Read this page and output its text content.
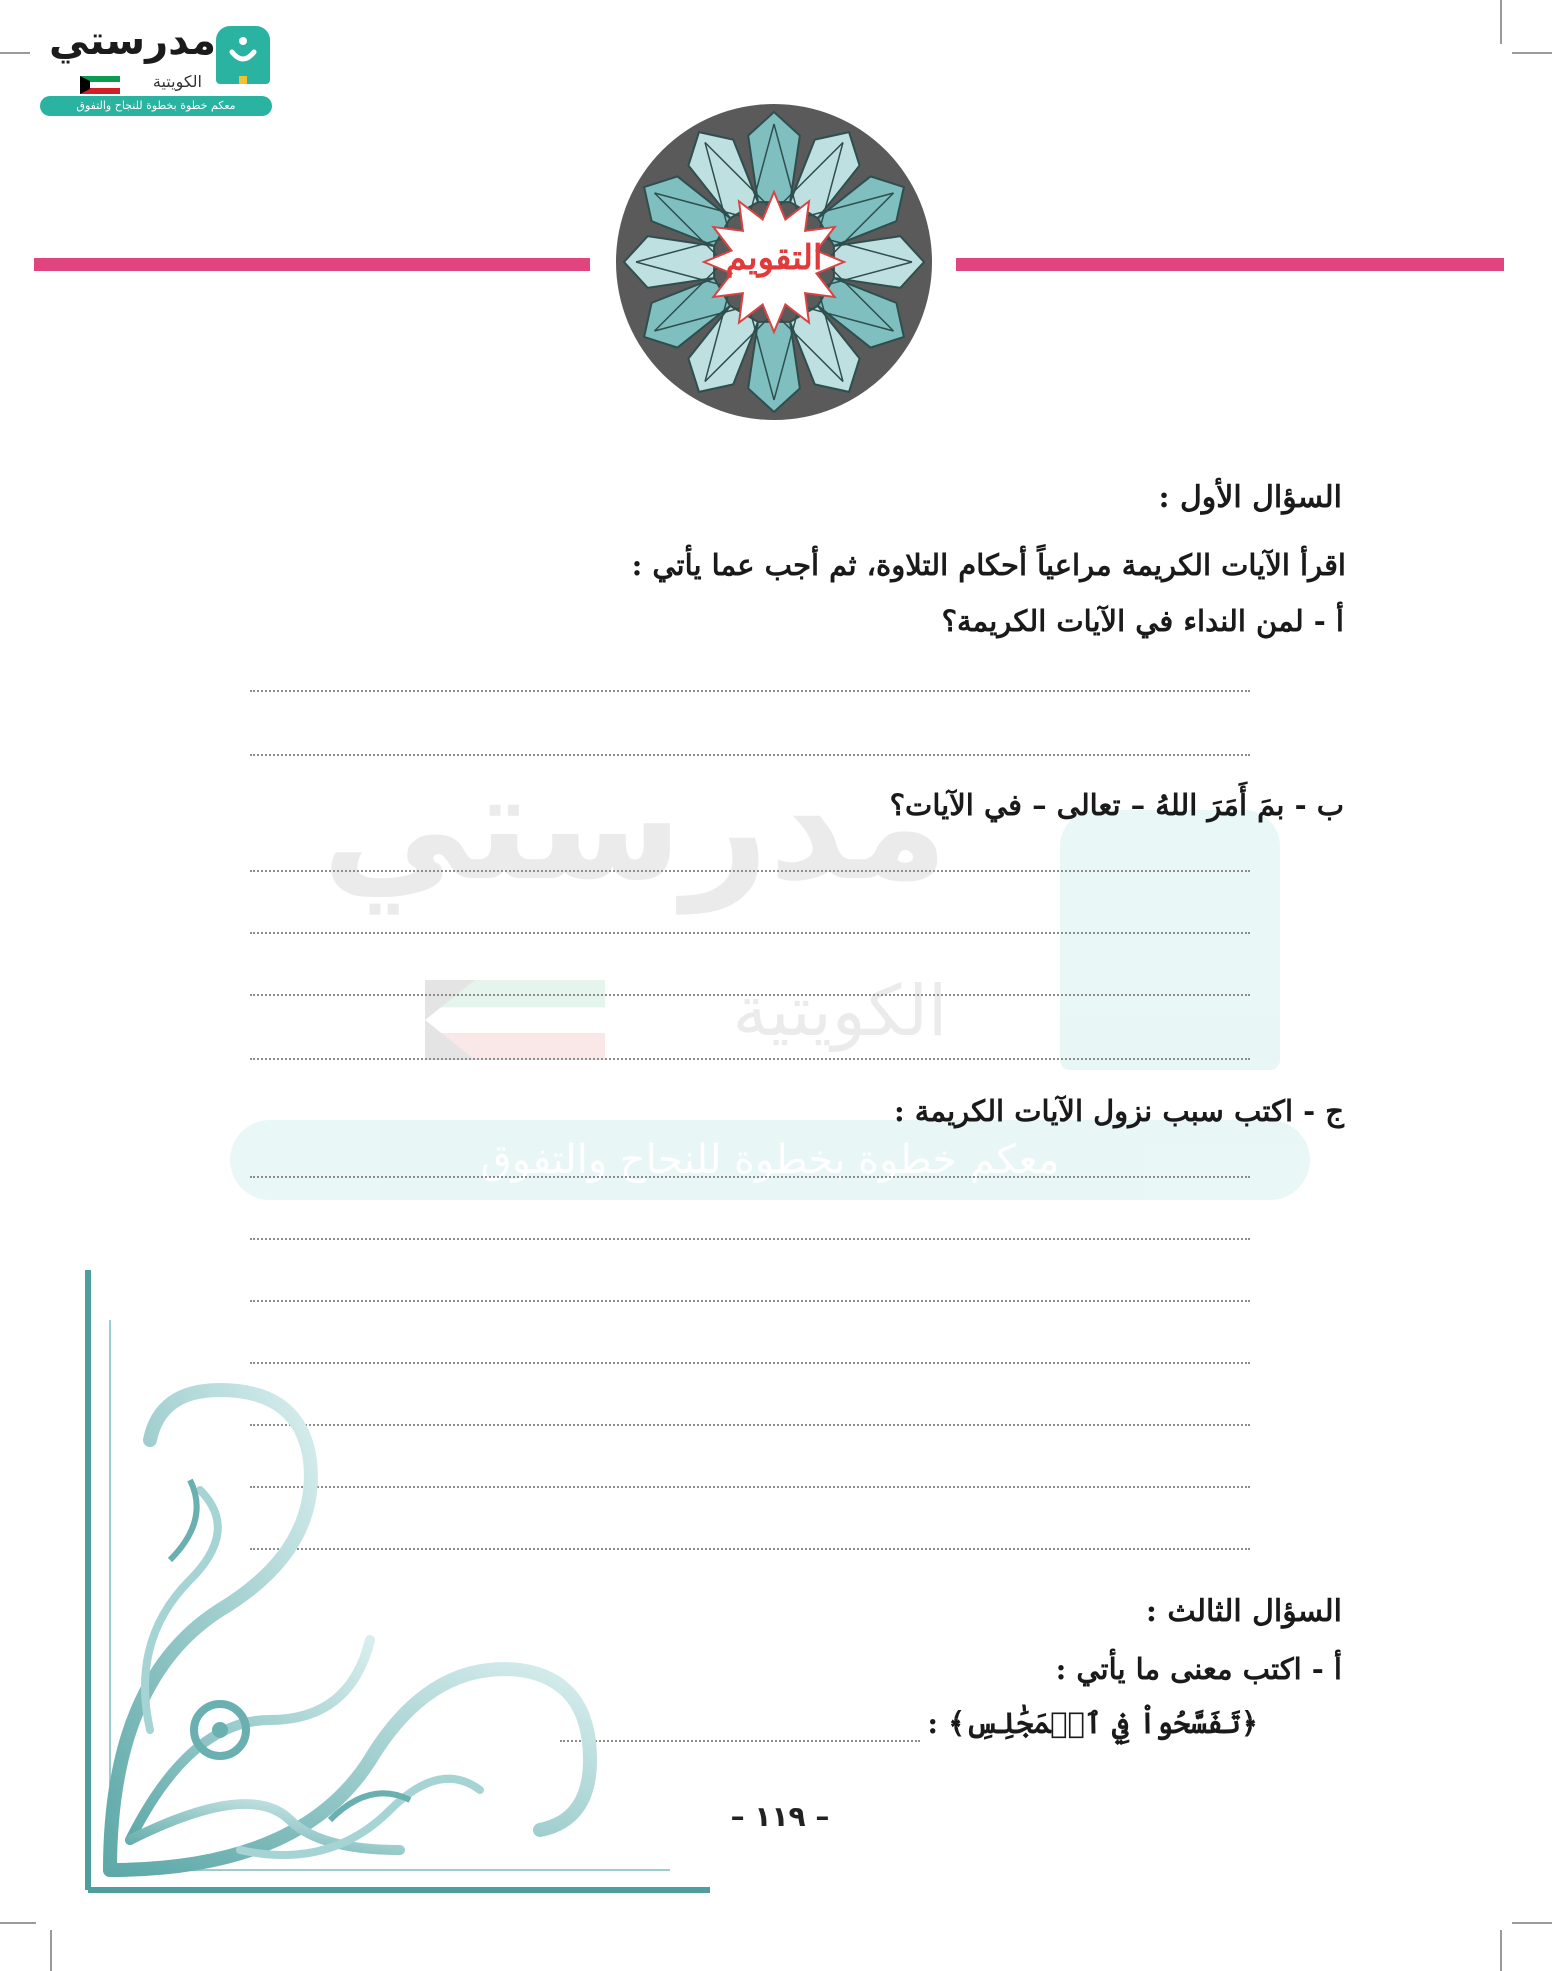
مدرستي
الكويتية
معكم خطوة بخطوة للنجاح والتفوق
مدرستي
الكويتية
معكم خطوة بخطوة للنجاح والتفوق
التقويم
السؤال الأول :
اقرأ الآيات الكريمة مراعياً أحكام التلاوة، ثم أجب عما يأتي :
أ - لمن النداء في الآيات الكريمة؟
ب - بمَ أَمَرَ اللهُ – تعالى – في الآيات؟
ج - اكتب سبب نزول الآيات الكريمة :
السؤال الثالث :
أ - اكتب معنى ما يأتي :
﴿تَفَسَّحُواْ فِي ٱلۡمَجَٰلِسِ﴾ :
– ١١٩ –
